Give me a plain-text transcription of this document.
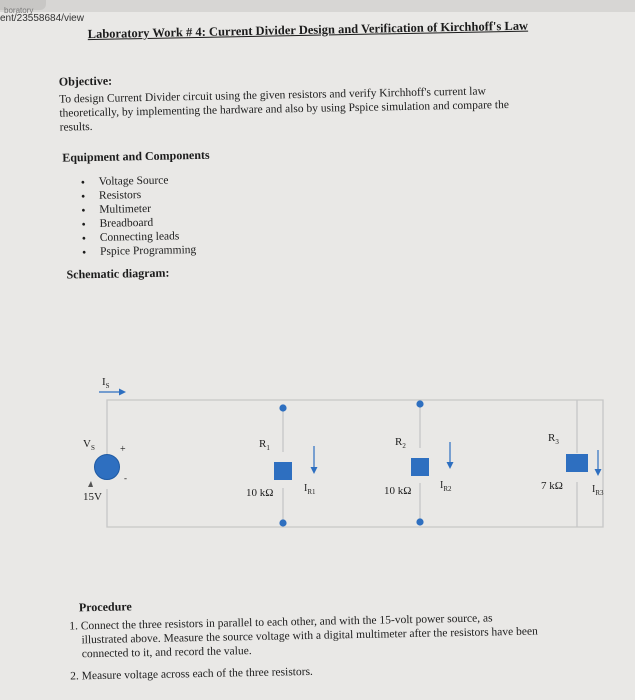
boratory
ent/23558684/view
Laboratory Work # 4: Current Divider Design and Verification of Kirchhoff's Law
Objective:
To design Current Divider circuit using the given resistors and verify Kirchhoff's current law theoretically, by implementing the hardware and also by using Pspice simulation and compare the results.
Equipment and Components
• Voltage Source
• Resistors
• Multimeter
• Breadboard
• Connecting leads
• Pspice Programming
Schematic diagram:
Procedure
1. Connect the three resistors in parallel to each other, and with the 15-volt power source, as illustrated above. Measure the source voltage with a digital multimeter after the resistors have been connected to it, and record the value.
2. Measure voltage across each of the three resistors.
$I_S$
$V_S$	+
-
15V
$R_1$
10 kΩ	$I_{R1}$
$R_2$
10 kΩ	$I_{R2}$
$R_3$
7 kΩ	$I_{R3}$
